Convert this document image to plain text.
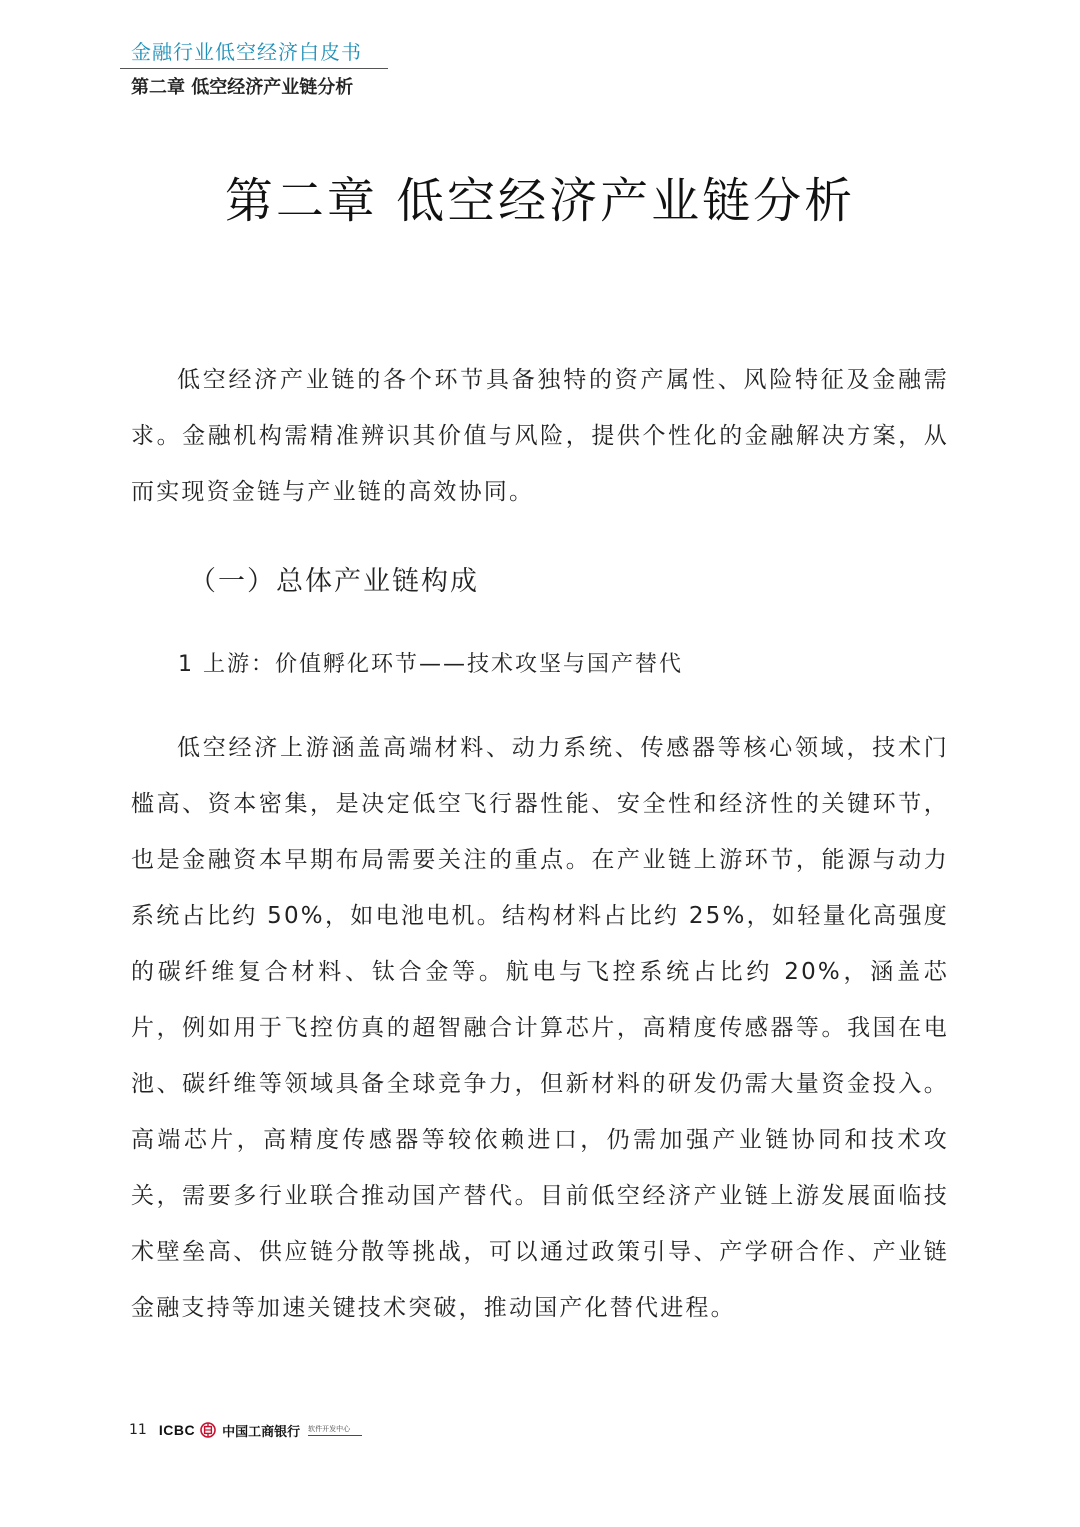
金融行业低空经济白皮书
第二章 低空经济产业链分析
第二章 低空经济产业链分析

低空经济产业链的各个环节具备独特的资产属性、风险特征及金融需求。金融机构需精准辨识其价值与风险，提供个性化的金融解决方案，从而实现资金链与产业链的高效协同。

（一）总体产业链构成
1 上游：价值孵化环节——技术攻坚与国产替代

低空经济上游涵盖高端材料、动力系统、传感器等核心领域，技术门槛高、资本密集，是决定低空飞行器性能、安全性和经济性的关键环节，也是金融资本早期布局需要关注的重点。在产业链上游环节，能源与动力系统占比约 50%，如电池电机。结构材料占比约 25%，如轻量化高强度的碳纤维复合材料、钛合金等。航电与飞控系统占比约 20%，涵盖芯片，例如用于飞控仿真的超智融合计算芯片，高精度传感器等。我国在电池、碳纤维等领域具备全球竞争力，但新材料的研发仍需大量资金投入。高端芯片，高精度传感器等较依赖进口，仍需加强产业链协同和技术攻关，需要多行业联合推动国产替代。目前低空经济产业链上游发展面临技术壁垒高、供应链分散等挑战，可以通过政策引导、产学研合作、产业链金融支持等加速关键技术突破，推动国产化替代进程。

11 ICBC 中国工商银行 软件开发中心
